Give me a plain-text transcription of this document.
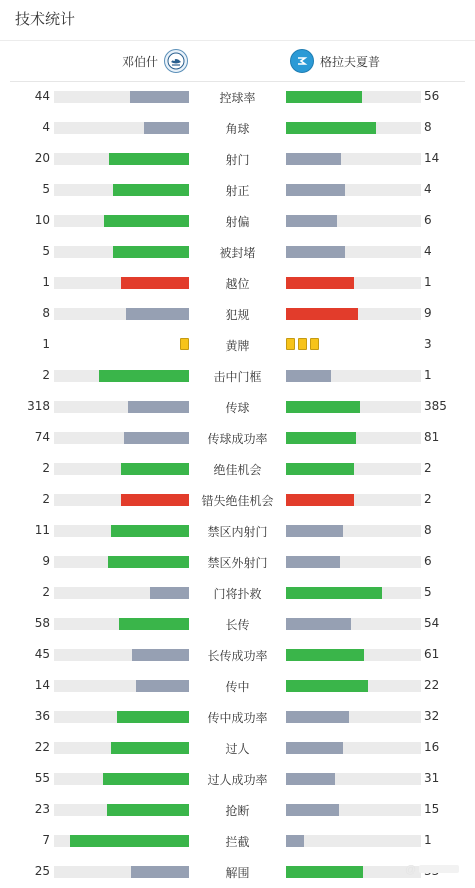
技术统计
邓伯什	格拉夫夏普
44	控球率	56
4	角球	8
20	射门	14
5	射正	4
10	射偏	6
5	被封堵	4
1	越位	1
8	犯规	9
1	黄牌	3
2	击中门框	1
318	传球	385
74	传球成功率	81
2	绝佳机会	2
2	错失绝佳机会	2
11	禁区内射门	8
9	禁区外射门	6
2	门将扑救	5
58	长传	54
45	长传成功率	61
14	传中	22
36	传中成功率	32
22	过人	16
55	过人成功率	31
23	抢断	15
7	拦截	1
25	解围	@
